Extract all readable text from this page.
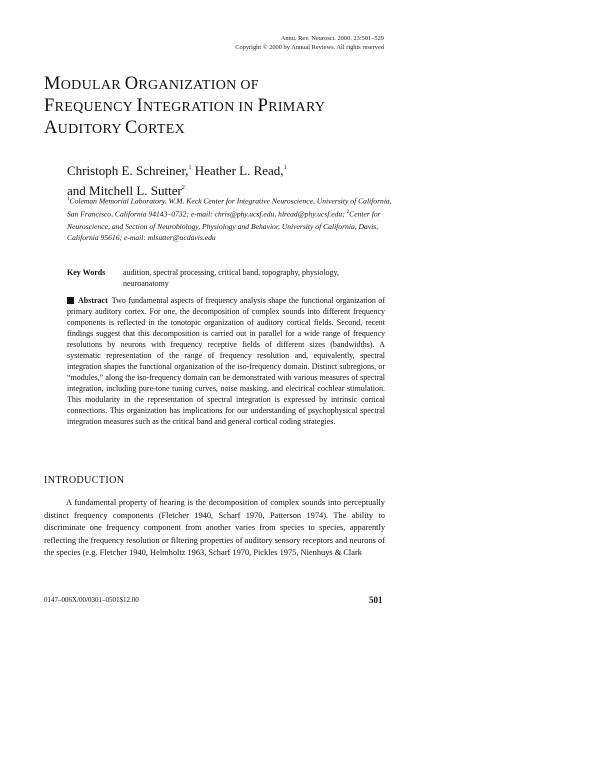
Annu. Rev. Neurosci. 2000. 23:501–529
Copyright © 2000 by Annual Reviews. All rights reserved
MODULAR ORGANIZATION OF
FREQUENCY INTEGRATION IN PRIMARY
AUDITORY CORTEX
Christoph E. Schreiner,$^1$ Heather L. Read,$^1$
and Mitchell L. Sutter$^2$
$^1$Coleman Memorial Laboratory, W.M. Keck Center for Integrative Neuroscience, University of California, San Francisco, California 94143–0732; e-mail: chris@phy.ucsf.edu, hlread@phy.ucsf.edu; $^2$Center for Neuroscience, and Section of Neurobiology, Physiology and Behavior, University of California, Davis, California 95616; e-mail: mlsutter@ucdavis.edu
Key Words audition, spectral processing, critical band, topography, physiology, neuroanatomy
Abstract Two fundamental aspects of frequency analysis shape the functional organization of primary auditory cortex. For one, the decomposition of complex sounds into different frequency components is reflected in the tonotopic organization of auditory cortical fields. Second, recent findings suggest that this decomposition is carried out in parallel for a wide range of frequency resolutions by neurons with frequency receptive fields of different sizes (bandwidths). A systematic representation of the range of frequency resolution and, equivalently, spectral integration shapes the functional organization of the iso-frequency domain. Distinct subregions, or “modules,” along the iso-frequency domain can be demonstrated with various measures of spectral integration, including pure-tone tuning curves, noise masking, and electrical cochlear stimulation. This modularity in the representation of spectral integration is expressed by intrinsic cortical connections. This organization has implications for our understanding of psychophysical spectral integration measures such as the critical band and general cortical coding strategies.
INTRODUCTION
A fundamental property of hearing is the decomposition of complex sounds into perceptually distinct frequency components (Fletcher 1940, Scharf 1970, Patterson 1974). The ability to discriminate one frequency component from another varies from species to species, apparently reflecting the frequency resolution or filtering properties of auditory sensory receptors and neurons of the species (e.g. Fletcher 1940, Helmholtz 1963, Scharf 1970, Pickles 1975, Nienhuys & Clark
0147–006X/00/0301–0501$12.00	501
